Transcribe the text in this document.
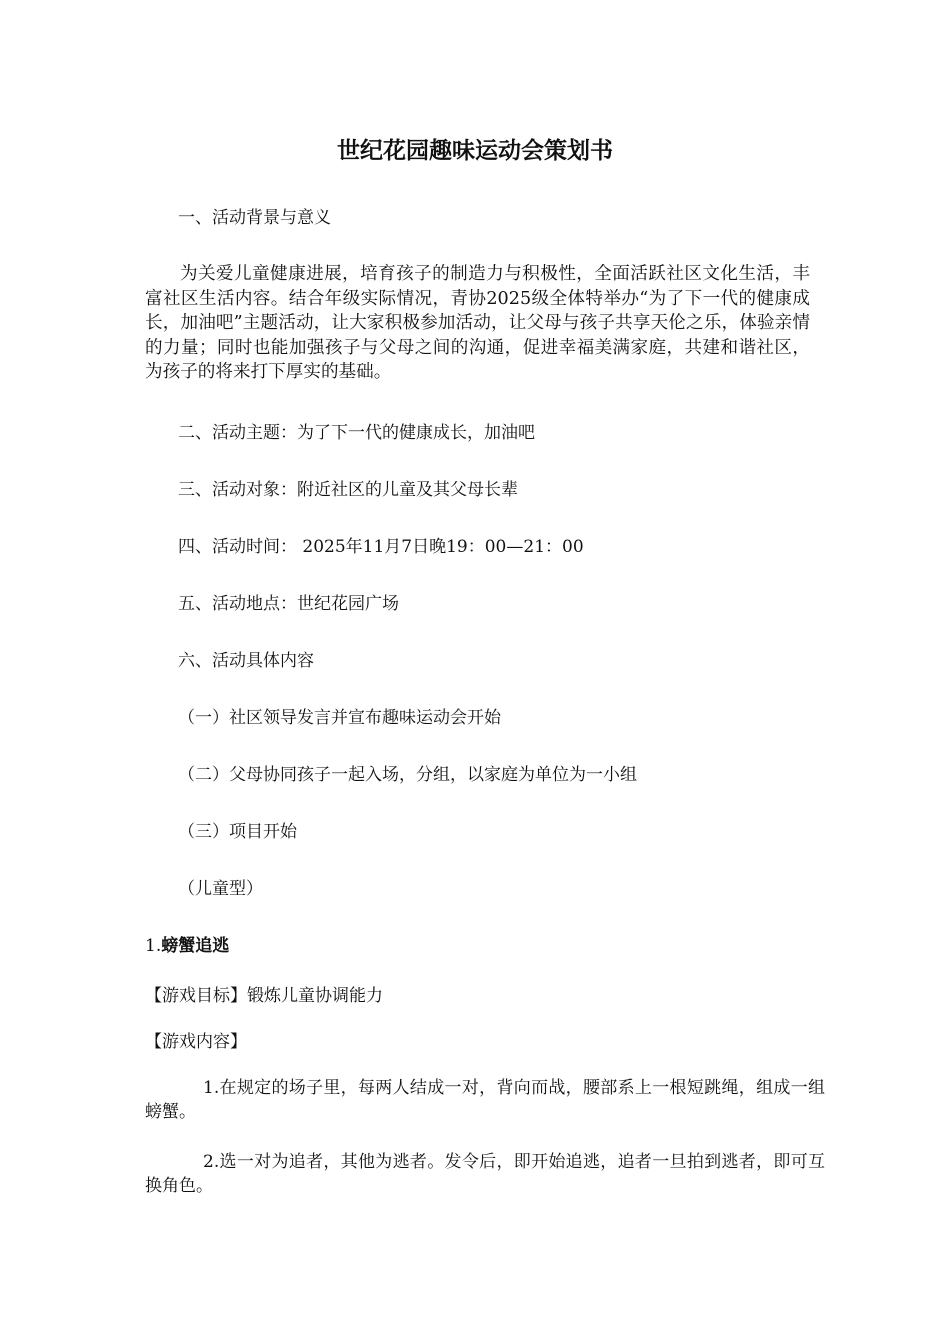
世纪花园趣味运动会策划书

一、活动背景与意义

为关爱儿童健康进展，培育孩子的制造力与积极性，全面活跃社区文化生活，丰富社区生活内容。结合年级实际情况，青协2025级全体特举办“为了下一代的健康成长，加油吧”主题活动，让大家积极参加活动，让父母与孩子共享天伦之乐，体验亲情的力量；同时也能加强孩子与父母之间的沟通，促进幸福美满家庭，共建和谐社区，为孩子的将来打下厚实的基础。

二、活动主题：为了下一代的健康成长，加油吧

三、活动对象：附近社区的儿童及其父母长辈

四、活动时间： 2025年11月7日晚19：00—21：00

五、活动地点：世纪花园广场

六、活动具体内容

（一）社区领导发言并宣布趣味运动会开始

（二）父母协同孩子一起入场，分组，以家庭为单位为一小组

（三）项目开始

（儿童型）

1.螃蟹追逃

【游戏目标】锻炼儿童协调能力

【游戏内容】

1.在规定的场子里，每两人结成一对，背向而战，腰部系上一根短跳绳，组成一组螃蟹。

2.选一对为追者，其他为逃者。发令后，即开始追逃，追者一旦拍到逃者，即可互换角色。
